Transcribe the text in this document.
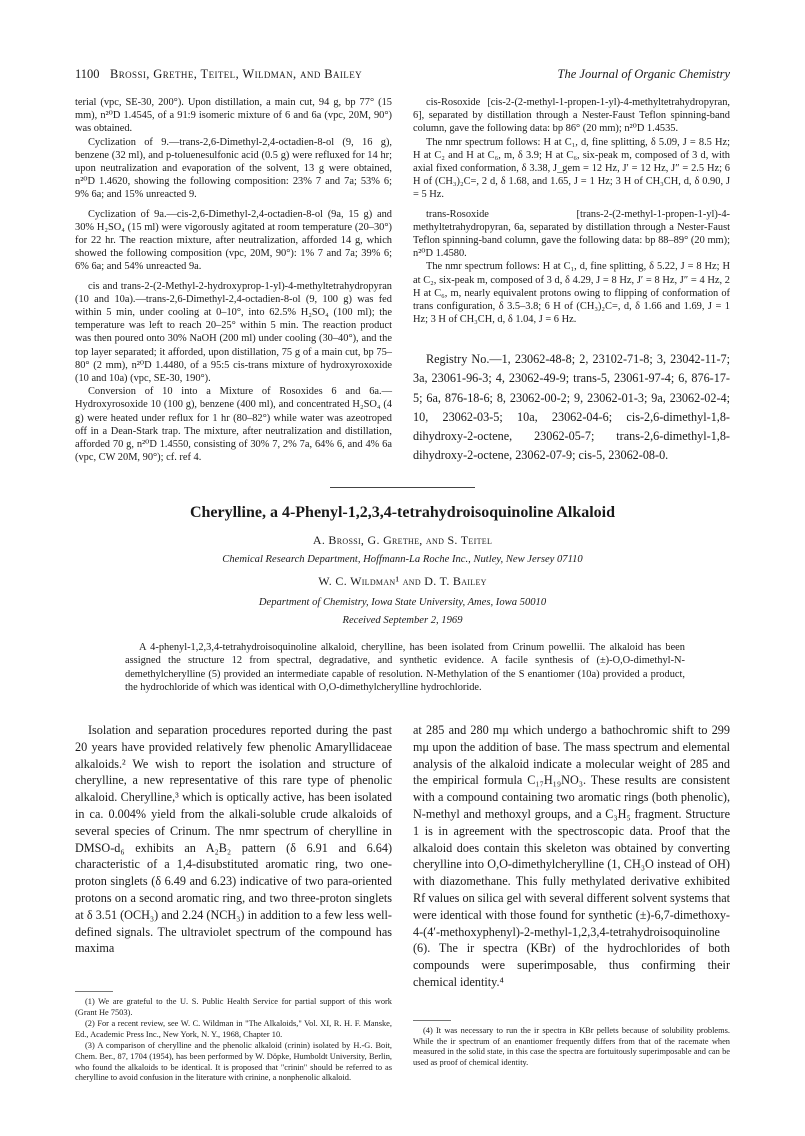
1100 Brossi, Grethe, Teitel, Wildman, and Bailey	The Journal of Organic Chemistry

terial (vpc, SE-30, 200°). Upon distillation, a main cut, 94 g, bp 77° (15 mm), n²⁰D 1.4545, of a 91:9 isomeric mixture of 6 and 6a (vpc, 20M, 90°) was obtained.

Cyclization of 9.—trans-2,6-Dimethyl-2,4-octadien-8-ol (9, 16 g), benzene (32 ml), and p-toluenesulfonic acid (0.5 g) were refluxed for 14 hr; upon neutralization and evaporation of the solvent, 13 g were obtained, n²⁰D 1.4620, showing the following composition: 23% 7 and 7a; 53% 6; 9% 6a; and 15% unreacted 9.

Cyclization of 9a.—cis-2,6-Dimethyl-2,4-octadien-8-ol (9a, 15 g) and 30% H₂SO₄ (15 ml) were vigorously agitated at room temperature (20–30°) for 22 hr. The reaction mixture, after neutralization, afforded 14 g, which showed the following composition (vpc, 20M, 90°): 1% 7 and 7a; 39% 6; 6% 6a; and 54% unreacted 9a.

cis and trans-2-(2-Methyl-2-hydroxyprop-1-yl)-4-methyltetrahydropyran (10 and 10a).—trans-2,6-Dimethyl-2,4-octadien-8-ol (9, 100 g) was fed within 5 min, under cooling at 0–10°, into 62.5% H₂SO₄ (100 ml); the temperature was left to reach 20–25° within 5 min. The reaction product was then poured onto 30% NaOH (200 ml) under cooling (30–40°), and the top layer separated; it afforded, upon distillation, 75 g of a main cut, bp 75–80° (2 mm), n²⁰D 1.4480, of a 95:5 cis-trans mixture of hydroxyroxoxide (10 and 10a) (vpc, SE-30, 190°).

Conversion of 10 into a Mixture of Rosoxides 6 and 6a.—Hydroxyrosoxide 10 (100 g), benzene (400 ml), and concentrated H₂SO₄ (4 g) were heated under reflux for 1 hr (80–82°) while water was azeotroped off in a Dean-Stark trap. The mixture, after neutralization and distillation, afforded 70 g, n²⁰D 1.4550, consisting of 30% 7, 2% 7a, 64% 6, and 4% 6a (vpc, CW 20M, 90°); cf. ref 4.

cis-Rosoxide [cis-2-(2-methyl-1-propen-1-yl)-4-methyltetrahydropyran, 6], separated by distillation through a Nester-Faust Teflon spinning-band column, gave the following data: bp 86° (20 mm); n²⁰D 1.4535.

The nmr spectrum follows: H at C₁, d, fine splitting, δ 5.09, J = 8.5 Hz; H at C₂ and H at C₆, m, δ 3.9; H at C₆, six-peak m, composed of 3 d, with axial fixed conformation, δ 3.38, J_gem = 12 Hz, J′ = 12 Hz, J″ = 2.5 Hz; 6 H of (CH₃)₂C=, 2 d, δ 1.68, and 1.65, J = 1 Hz; 3 H of CH₃CH, d, δ 0.90, J = 5 Hz.

trans-Rosoxide [trans-2-(2-methyl-1-propen-1-yl)-4-methyltetrahydropyran, 6a, separated by distillation through a Nester-Faust Teflon spinning-band column, gave the following data: bp 88–89° (20 mm); n²⁰D 1.4580.

The nmr spectrum follows: H at C₁, d, fine splitting, δ 5.22, J = 8 Hz; H at C₂, six-peak m, composed of 3 d, δ 4.29, J = 8 Hz, J′ = 8 Hz, J″ = 4 Hz, 2 H at C₆, m, nearly equivalent protons owing to flipping of conformation of trans configuration, δ 3.5–3.8; 6 H of (CH₃)₂C=, d, δ 1.66 and 1.69, J = 1 Hz; 3 H of CH₃CH, d, δ 1.04, J = 6 Hz.

Registry No.—1, 23062-48-8; 2, 23102-71-8; 3, 23042-11-7; 3a, 23061-96-3; 4, 23062-49-9; trans-5, 23061-97-4; 6, 876-17-5; 6a, 876-18-6; 8, 23062-00-2; 9, 23062-01-3; 9a, 23062-02-4; 10, 23062-03-5; 10a, 23062-04-6; cis-2,6-dimethyl-1,8-dihydroxy-2-octene, 23062-05-7; trans-2,6-dimethyl-1,8-dihydroxy-2-octene, 23062-07-9; cis-5, 23062-08-0.

Cherylline, a 4-Phenyl-1,2,3,4-tetrahydroisoquinoline Alkaloid
A. Brossi, G. Grethe, and S. Teitel
Chemical Research Department, Hoffmann-La Roche Inc., Nutley, New Jersey 07110
W. C. Wildman¹ and D. T. Bailey
Department of Chemistry, Iowa State University, Ames, Iowa 50010
Received September 2, 1969

A 4-phenyl-1,2,3,4-tetrahydroisoquinoline alkaloid, cherylline, has been isolated from Crinum powellii. The alkaloid has been assigned the structure 12 from spectral, degradative, and synthetic evidence. A facile synthesis of (±)-O,O-dimethyl-N-demethylcherylline (5) provided an intermediate capable of resolution. N-Methylation of the S enantiomer (10a) provided a product, the hydrochloride of which was identical with O,O-dimethylcherylline hydrochloride.

Isolation and separation procedures reported during the past 20 years have provided relatively few phenolic Amaryllidaceae alkaloids.² We wish to report the isolation and structure of cherylline, a new representative of this rare type of phenolic alkaloid. Cherylline,³ which is optically active, has been isolated in ca. 0.004% yield from the alkali-soluble crude alkaloids of several species of Crinum. The nmr spectrum of cherylline in DMSO-d₆ exhibits an A₂B₂ pattern (δ 6.91 and 6.64) characteristic of a 1,4-disubstituted aromatic ring, two one-proton singlets (δ 6.49 and 6.23) indicative of two para-oriented protons on a second aromatic ring, and two three-proton singlets at δ 3.51 (OCH₃) and 2.24 (NCH₃) in addition to a few less well-defined signals. The ultraviolet spectrum of the compound has maxima

at 285 and 280 mμ which undergo a bathochromic shift to 299 mμ upon the addition of base. The mass spectrum and elemental analysis of the alkaloid indicate a molecular weight of 285 and the empirical formula C₁₇H₁₉NO₃. These results are consistent with a compound containing two aromatic rings (both phenolic), N-methyl and methoxyl groups, and a C₃H₅ fragment. Structure 1 is in agreement with the spectroscopic data. Proof that the alkaloid does contain this skeleton was obtained by converting cherylline into O,O-dimethylcherylline (1, CH₃O instead of OH) with diazomethane. This fully methylated derivative exhibited Rf values on silica gel with several different solvent systems that were identical with those found for synthetic (±)-6,7-dimethoxy-4-(4′-methoxyphenyl)-2-methyl-1,2,3,4-tetrahydroisoquinoline (6). The ir spectra (KBr) of the hydrochlorides of both compounds were superimposable, thus confirming their chemical identity.⁴

(1) We are grateful to the U. S. Public Health Service for partial support of this work (Grant He 7503).

(2) For a recent review, see W. C. Wildman in "The Alkaloids," Vol. XI, R. H. F. Manske, Ed., Academic Press Inc., New York, N. Y., 1968, Chapter 10.

(3) A comparison of cherylline and the phenolic alkaloid (crinin) isolated by H.-G. Boit, Chem. Ber., 87, 1704 (1954), has been performed by W. Döpke, Humboldt University, Berlin, who found the alkaloids to be identical. It is proposed that "crinin" should be referred to as cherylline to avoid confusion in the literature with crinine, a nonphenolic alkaloid.

(4) It was necessary to run the ir spectra in KBr pellets because of solubility problems. While the ir spectrum of an enantiomer frequently differs from that of the racemate when measured in the solid state, in this case the spectra are fortuitously superimposable and can be used as proof of chemical identity.
